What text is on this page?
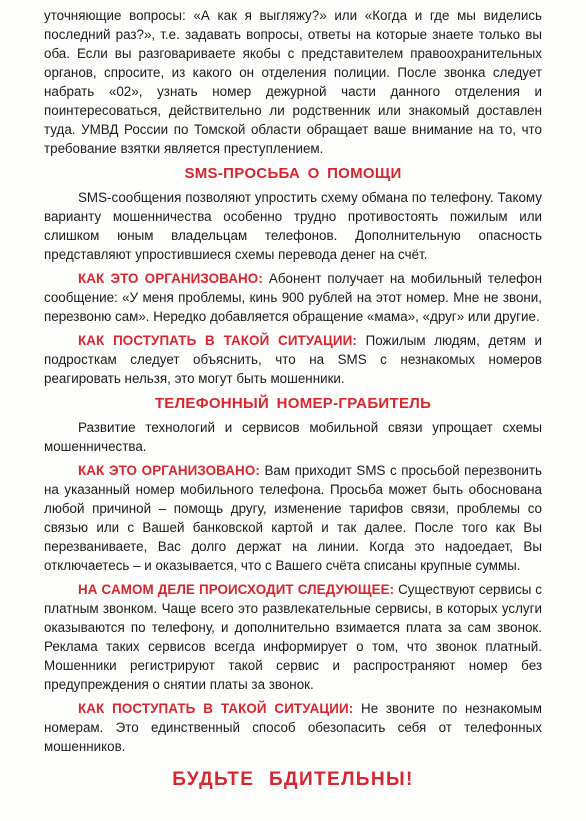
уточняющие вопросы: «А как я выгляжу?» или «Когда и где мы виделись последний раз?», т.е. задавать вопросы, ответы на которые знаете только вы оба. Если вы разговариваете якобы с представителем правоохранительных органов, спросите, из какого он отделения полиции. После звонка следует набрать «02», узнать номер дежурной части данного отделения и поинтересоваться, действительно ли родственник или знакомый доставлен туда. УМВД России по Томской области обращает ваше внимание на то, что требование взятки является преступлением.

SMS-ПРОСЬБА О ПОМОЩИ

SMS-сообщения позволяют упростить схему обмана по телефону. Такому варианту мошенничества особенно трудно противостоять пожилым или слишком юным владельцам телефонов. Дополнительную опасность представляют упростившиеся схемы перевода денег на счёт.

КАК ЭТО ОРГАНИЗОВАНО: Абонент получает на мобильный телефон сообщение: «У меня проблемы, кинь 900 рублей на этот номер. Мне не звони, перезвоню сам». Нередко добавляется обращение «мама», «друг» или другие.

КАК ПОСТУПАТЬ В ТАКОЙ СИТУАЦИИ: Пожилым людям, детям и подросткам следует объяснить, что на SMS с незнакомых номеров реагировать нельзя, это могут быть мошенники.

ТЕЛЕФОННЫЙ НОМЕР-ГРАБИТЕЛЬ

Развитие технологий и сервисов мобильной связи упрощает схемы мошенничества.

КАК ЭТО ОРГАНИЗОВАНО: Вам приходит SMS с просьбой перезвонить на указанный номер мобильного телефона. Просьба может быть обоснована любой причиной – помощь другу, изменение тарифов связи, проблемы со связью или с Вашей банковской картой и так далее. После того как Вы перезваниваете, Вас долго держат на линии. Когда это надоедает, Вы отключаетесь – и оказывается, что с Вашего счёта списаны крупные суммы.

НА САМОМ ДЕЛЕ ПРОИСХОДИТ СЛЕДУЮЩЕЕ: Существуют сервисы с платным звонком. Чаще всего это развлекательные сервисы, в которых услуги оказываются по телефону, и дополнительно взимается плата за сам звонок. Реклама таких сервисов всегда информирует о том, что звонок платный. Мошенники регистрируют такой сервис и распространяют номер без предупреждения о снятии платы за звонок.

КАК ПОСТУПАТЬ В ТАКОЙ СИТУАЦИИ: Не звоните по незнакомым номерам. Это единственный способ обезопасить себя от телефонных мошенников.

БУДЬТЕ БДИТЕЛЬНЫ!
